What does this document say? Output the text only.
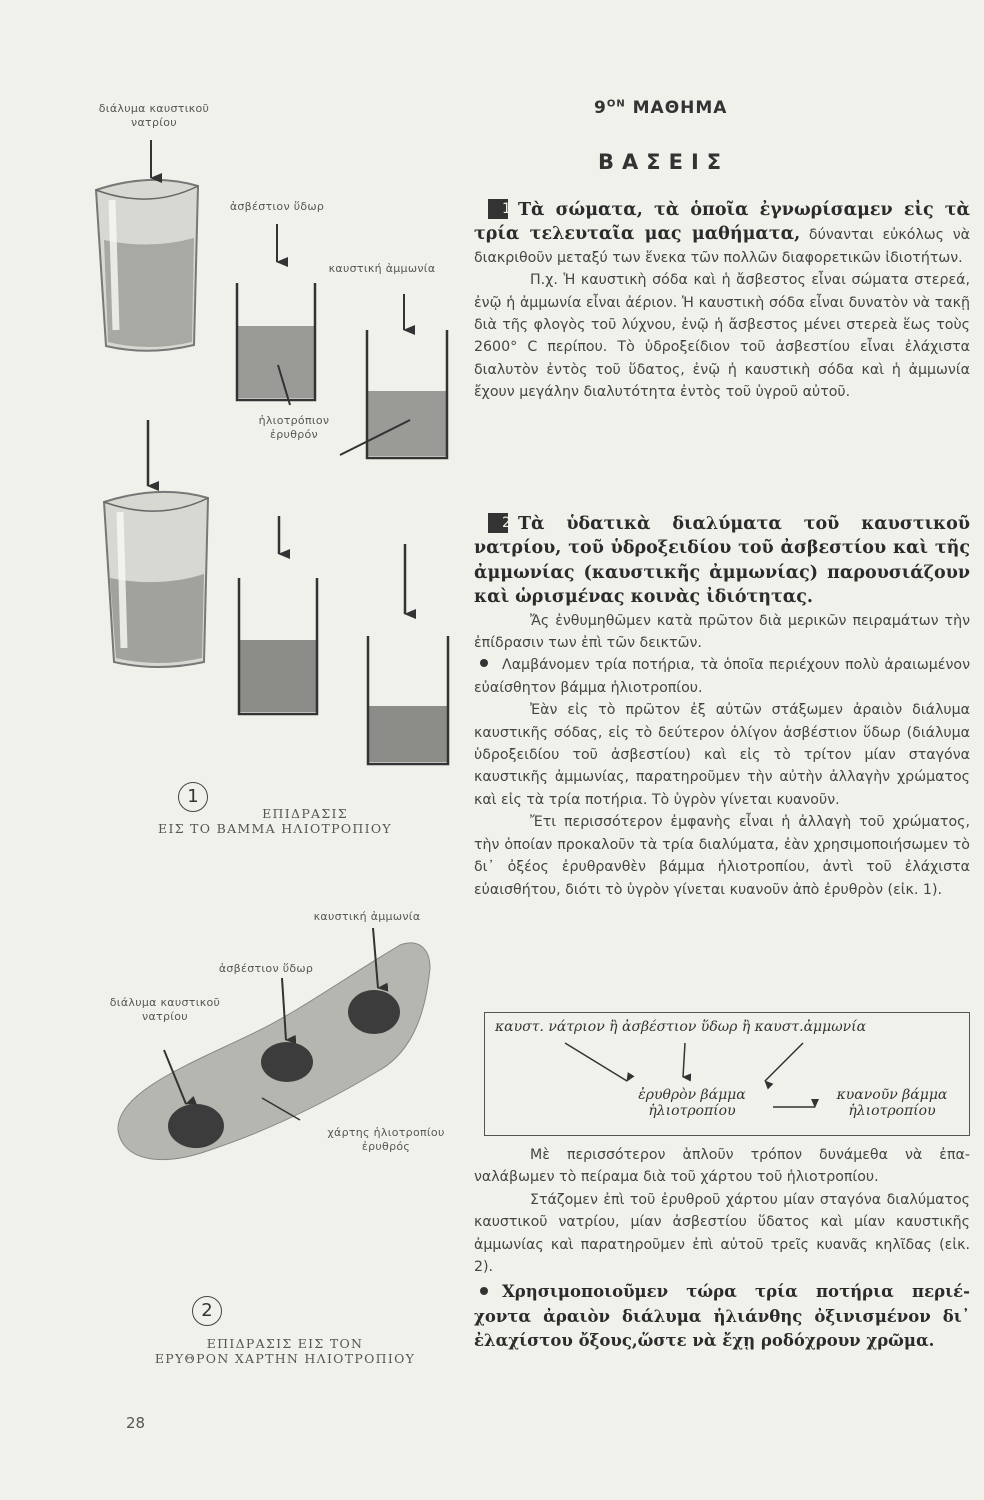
διάλυμα καυστικοῦ
νατρίου
ἀσβέστιον ὕδωρ
καυστική ἀμμωνία
ἡλιοτρόπιον
ἐρυθρόν
1
ΕΠΙΔΡΑΣΙΣ
ΕΙΣ ΤΟ ΒΑΜΜΑ ΗΛΙΟΤΡΟΠΙΟΥ
καυστική ἀμμωνία
ἀσβέστιον ὕδωρ
διάλυμα καυστικοῦ
νατρίου
χάρτης ἡλιοτροπίου
ἐρυθρός
2
ΕΠΙΔΡΑΣΙΣ ΕΙΣ ΤΟΝ
ΕΡΥΘΡΟΝ ΧΑΡΤΗΝ ΗΛΙΟΤΡΟΠΙΟΥ
28
$9^{ON}$ ΜΑΘΗΜΑ
ΒΑΣΕΙΣ

1 Τὰ σώματα, τὰ ὁποῖα ἐγνωρίσαμεν εἰς τὰ τρία τελευταῖα μας μαθήματα, δύνανται εὐκόλως νὰ διακριθοῦν μεταξύ των ἕνεκα τῶν πολλῶν διαφορετικῶν ἰδιοτήτων.

Π.χ. Ἡ καυστικὴ σόδα καὶ ἡ ἄσβεστος εἶναι σώματα στερεά, ἐνῷ ἡ ἀμμωνία εἶναι ἀέριον. Ἡ καυστικὴ σόδα εἶναι δυνατὸν νὰ τακῇ διὰ τῆς φλογὸς τοῦ λύχνου, ἐνῷ ἡ ἄσβεστος μένει στερεὰ ἕως τοὺς 2600° C περίπου. Τὸ ὑδροξείδιον τοῦ ἀσβεστίου εἶναι ἐλάχιστα διαλυτὸν ἐντὸς τοῦ ὕδατος, ἐνῷ ἡ καυστικὴ σόδα καὶ ἡ ἀμμωνία ἔχουν μεγάλην διαλυτότητα ἐντὸς τοῦ ὑγροῦ αὐτοῦ.

2 Τὰ ὑδατικὰ διαλύματα τοῦ καυστικοῦ νατρίου, τοῦ ὑδροξειδίου τοῦ ἀσβεστίου καὶ τῆς ἀμμωνίας (καυστικῆς ἀμμωνίας) παρουσιάζουν καὶ ὡρισμένας κοινὰς ἰδιότητας.

Ἄς ἐνθυμηθῶμεν κατὰ πρῶτον διὰ μερικῶν πειραμάτων τὴν ἐπίδρασιν των ἐπὶ τῶν δεικτῶν.

Λαμβάνομεν τρία ποτήρια, τὰ ὁποῖα περιέχουν πολὺ ἀραιωμένον εὐαίσθητον βάμμα ἡλιοτροπίου.

Ἐὰν εἰς τὸ πρῶτον ἐξ αὐτῶν στάξωμεν ἀραιὸν διάλυμα καυστικῆς σόδας, εἰς τὸ δεύτερον ὀλίγον ἀσβέστιον ὕδωρ (διάλυμα ὑδροξειδίου τοῦ ἀσβεστίου) καὶ εἰς τὸ τρίτον μίαν σταγόνα καυστικῆς ἀμμωνίας, παρατηροῦμεν τὴν αὐτὴν ἀλλαγὴν χρώματος καὶ εἰς τὰ τρία ποτήρια. Τὸ ὑγρὸν γίνεται κυανοῦν.

Ἔτι περισσότερον ἐμφανὴς εἶναι ἡ ἀλλαγὴ τοῦ χρώματος, τὴν ὁποίαν προκαλοῦν τὰ τρία διαλύματα, ἐὰν χρησιμοποιήσωμεν τὸ δι᾽ ὀξέος ἐρυθρανθὲν βάμμα ἡλιοτροπίου, ἀντὶ τοῦ ἐλάχιστα εὐαισθήτου, διότι τὸ ὑγρὸν γίνεται κυανοῦν ἀπὸ ἐρυθρὸν (εἰκ. 1).

καυστ. νάτριον ἢ ἀσβέστιον ὕδωρ ἢ καυστ.ἀμμωνία
ἐρυθρὸν βάμμα
ἡλιοτροπίου
κυανοῦν βάμμα
ἡλιοτροπίου

Μὲ περισσότερον ἁπλοῦν τρόπον δυνάμεθα νὰ ἐπαναλάβωμεν τὸ πείραμα διὰ τοῦ χάρτου τοῦ ἡλιοτροπίου.

Στάζομεν ἐπὶ τοῦ ἐρυθροῦ χάρτου μίαν σταγόνα διαλύματος καυστικοῦ νατρίου, μίαν ἀσβεστίου ὕδατος καὶ μίαν καυστικῆς ἀμμωνίας καὶ παρατηροῦμεν ἐπὶ αὐτοῦ τρεῖς κυανᾶς κηλῖδας (εἰκ. 2).

Χρησιμοποιοῦμεν τώρα τρία ποτήρια περιέχοντα ἀραιὸν διάλυμα ἡλιάνθης ὀξινισμένον δι᾽ ἐλαχίστου ὄξους,ὥστε νὰ ἔχῃ ροδόχρουν χρῶμα.
